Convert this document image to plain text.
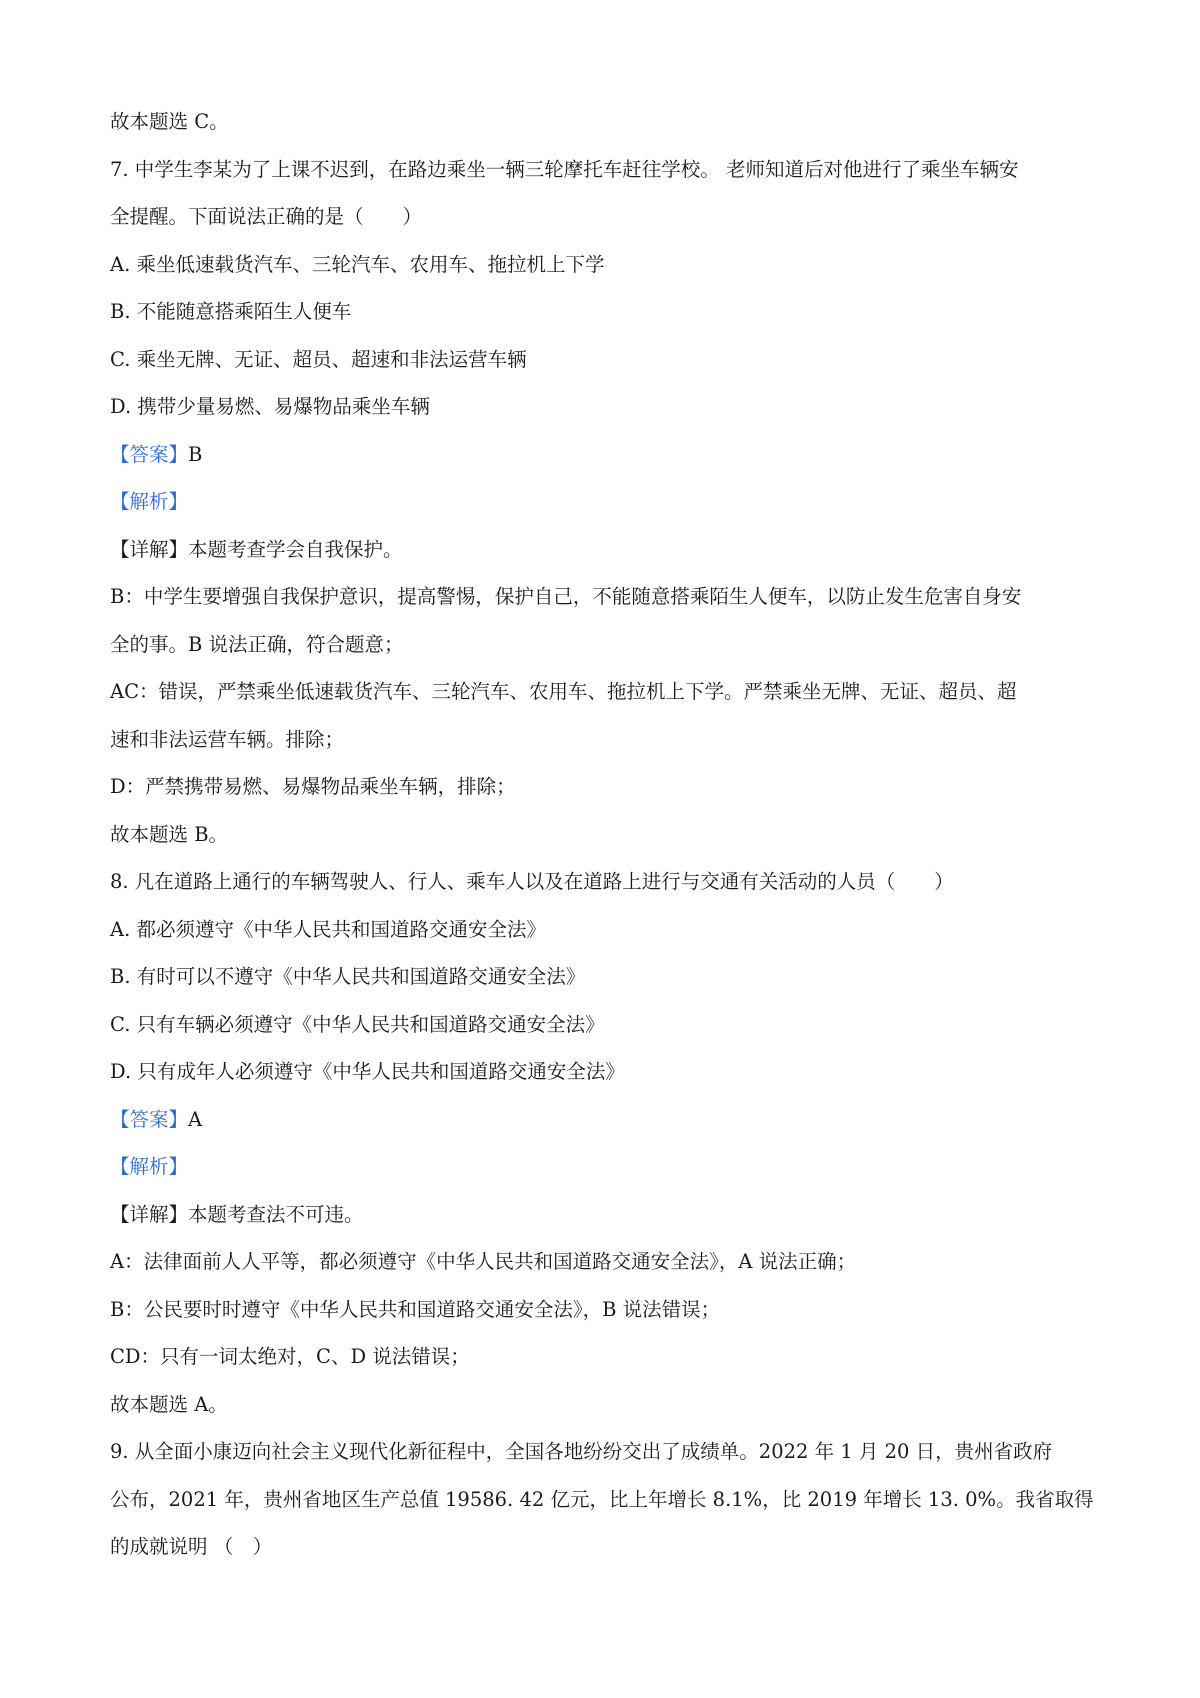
故本题选 C。
7. 中学生李某为了上课不迟到，在路边乘坐一辆三轮摩托车赶往学校。 老师知道后对他进行了乘坐车辆安
全提醒。下面说法正确的是（　　）
A. 乘坐低速载货汽车、三轮汽车、农用车、拖拉机上下学
B. 不能随意搭乘陌生人便车
C. 乘坐无牌、无证、超员、超速和非法运营车辆
D. 携带少量易燃、易爆物品乘坐车辆
【答案】B
【解析】
【详解】本题考查学会自我保护。
B：中学生要增强自我保护意识，提高警惕，保护自己，不能随意搭乘陌生人便车，以防止发生危害自身安
全的事。B 说法正确，符合题意；
AC：错误，严禁乘坐低速载货汽车、三轮汽车、农用车、拖拉机上下学。严禁乘坐无牌、无证、超员、超
速和非法运营车辆。排除；
D：严禁携带易燃、易爆物品乘坐车辆，排除；
故本题选 B。
8. 凡在道路上通行的车辆驾驶人、行人、乘车人以及在道路上进行与交通有关活动的人员（　　）
A. 都必须遵守《中华人民共和国道路交通安全法》
B. 有时可以不遵守《中华人民共和国道路交通安全法》
C. 只有车辆必须遵守《中华人民共和国道路交通安全法》
D. 只有成年人必须遵守《中华人民共和国道路交通安全法》
【答案】A
【解析】
【详解】本题考查法不可违。
A：法律面前人人平等，都必须遵守《中华人民共和国道路交通安全法》，A 说法正确；
B：公民要时时遵守《中华人民共和国道路交通安全法》，B 说法错误；
CD：只有一词太绝对，C、D 说法错误；
故本题选 A。
9. 从全面小康迈向社会主义现代化新征程中，全国各地纷纷交出了成绩单。2022 年 1 月 20 日，贵州省政府
公布，2021 年，贵州省地区生产总值 19586. 42 亿元，比上年增长 8.1%，比 2019 年增长 13. 0%。我省取得
的成就说明 （　）
